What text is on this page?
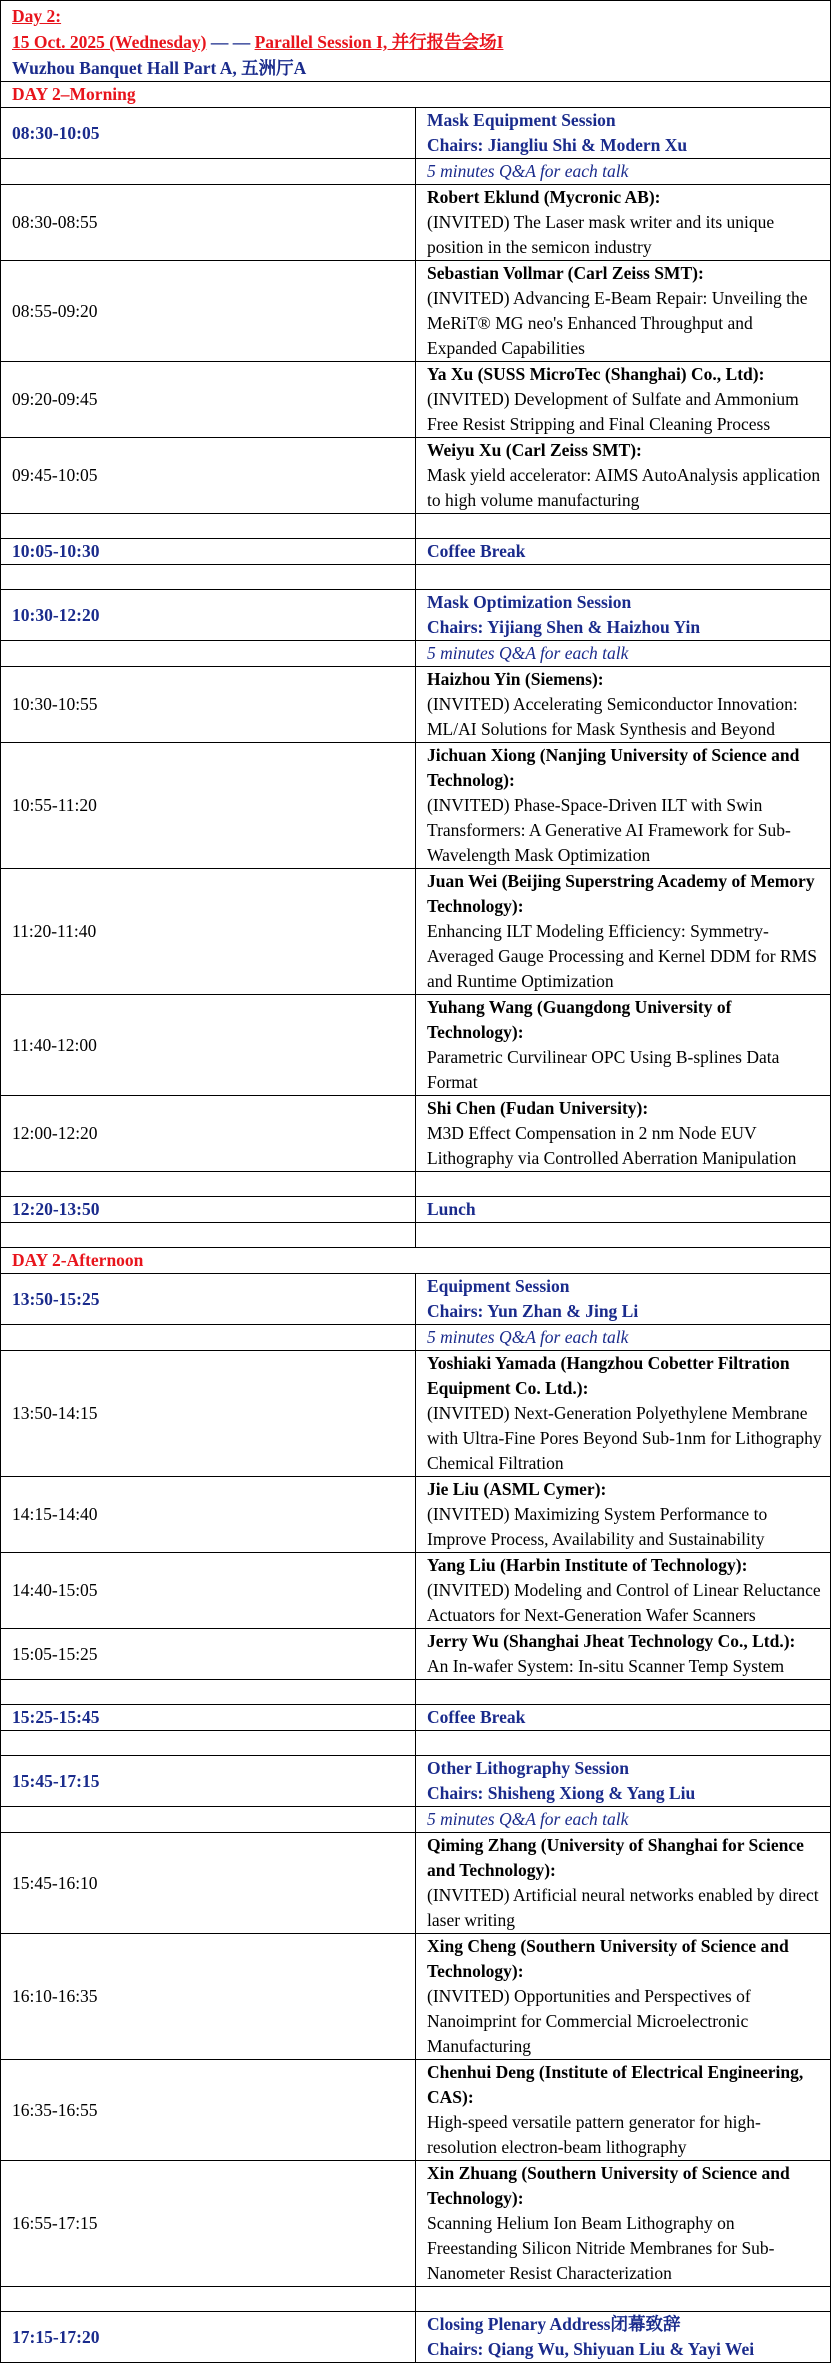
Day 2:
15 Oct. 2025 (Wednesday) — — Parallel Session I, 并行报告会场I
Wuzhou Banquet Hall Part A, 五洲厅A	

DAY 2–Morning	
08:30-10:05	Mask Equipment Session
Chairs: Jiangliu Shi & Modern Xu

	5 minutes Q&A for each talk
08:30-08:55	Robert Eklund (Mycronic AB):
(INVITED) The Laser mask writer and its unique position in the semicon industry

08:55-09:20	Sebastian Vollmar (Carl Zeiss SMT):
(INVITED) Advancing E-Beam Repair: Unveiling the MeRiT® MG neo's Enhanced Throughput and Expanded Capabilities

09:20-09:45	Ya Xu (SUSS MicroTec (Shanghai) Co., Ltd):
(INVITED) Development of Sulfate and Ammonium Free Resist Stripping and Final Cleaning Process

09:45-10:05	Weiyu Xu (Carl Zeiss SMT):
Mask yield accelerator: AIMS AutoAnalysis application to high volume manufacturing

10:05-10:30	Coffee Break

10:30-12:20	Mask Optimization Session
Chairs: Yijiang Shen & Haizhou Yin

	5 minutes Q&A for each talk
10:30-10:55	Haizhou Yin (Siemens):
(INVITED) Accelerating Semiconductor Innovation: ML/AI Solutions for Mask Synthesis and Beyond

10:55-11:20	Jichuan Xiong (Nanjing University of Science and Technolog):
(INVITED) Phase-Space-Driven ILT with Swin Transformers: A Generative AI Framework for Sub-Wavelength Mask Optimization

11:20-11:40	Juan Wei (Beijing Superstring Academy of Memory Technology):
Enhancing ILT Modeling Efficiency: Symmetry-Averaged Gauge Processing and Kernel DDM for RMS and Runtime Optimization

11:40-12:00	Yuhang Wang (Guangdong University of Technology):
Parametric Curvilinear OPC Using B-splines Data Format

12:00-12:20	Shi Chen (Fudan University):
M3D Effect Compensation in 2 nm Node EUV Lithography via Controlled Aberration Manipulation

12:20-13:50	Lunch

DAY 2-Afternoon	
13:50-15:25	Equipment Session
Chairs: Yun Zhan & Jing Li

	5 minutes Q&A for each talk
13:50-14:15	Yoshiaki Yamada (Hangzhou Cobetter Filtration Equipment Co. Ltd.):
(INVITED) Next-Generation Polyethylene Membrane with Ultra-Fine Pores Beyond Sub-1nm for Lithography Chemical Filtration

14:15-14:40	Jie Liu (ASML Cymer):
(INVITED) Maximizing System Performance to Improve Process, Availability and Sustainability

14:40-15:05	Yang Liu (Harbin Institute of Technology):
(INVITED) Modeling and Control of Linear Reluctance Actuators for Next-Generation Wafer Scanners

15:05-15:25	Jerry Wu (Shanghai Jheat Technology Co., Ltd.):
An In-wafer System: In-situ Scanner Temp System

15:25-15:45	Coffee Break

15:45-17:15	Other Lithography Session
Chairs: Shisheng Xiong & Yang Liu

	5 minutes Q&A for each talk
15:45-16:10	Qiming Zhang (University of Shanghai for Science and Technology):
(INVITED) Artificial neural networks enabled by direct laser writing

16:10-16:35	Xing Cheng (Southern University of Science and Technology):
(INVITED) Opportunities and Perspectives of Nanoimprint for Commercial Microelectronic Manufacturing

16:35-16:55	Chenhui Deng (Institute of Electrical Engineering, CAS):
High-speed versatile pattern generator for high-resolution electron-beam lithography

16:55-17:15	Xin Zhuang (Southern University of Science and Technology):
Scanning Helium Ion Beam Lithography on Freestanding Silicon Nitride Membranes for Sub-Nanometer Resist Characterization

17:15-17:20	Closing Plenary Address闭幕致辞
Chairs: Qiang Wu, Shiyuan Liu & Yayi Wei
